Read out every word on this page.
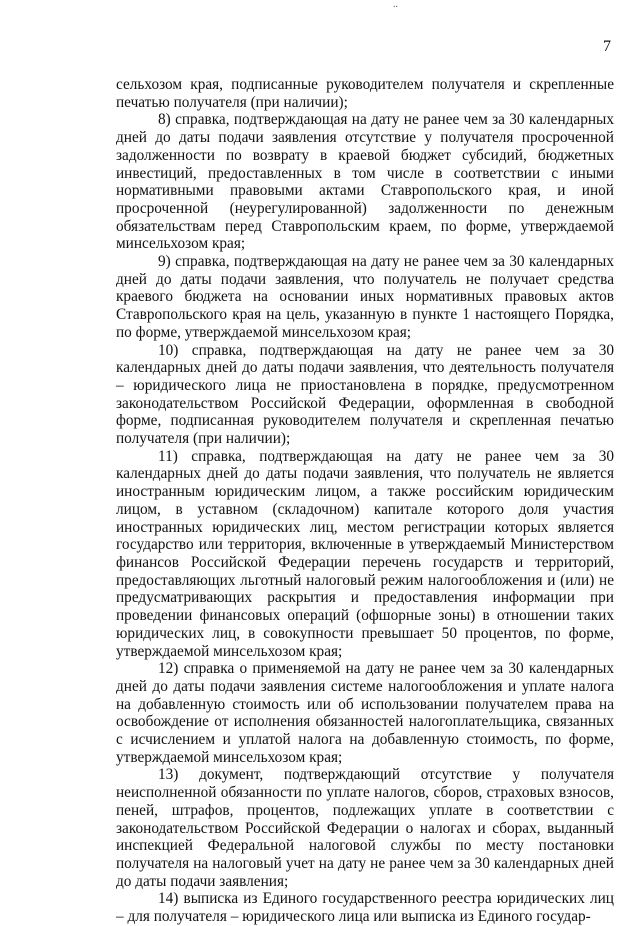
..
7

сельхозом края, подписанные руководителем получателя и скрепленные печатью получателя (при наличии);

8) справка, подтверждающая на дату не ранее чем за 30 календарных дней до даты подачи заявления отсутствие у получателя просроченной задолженности по возврату в краевой бюджет субсидий, бюджетных инвестиций, предоставленных в том числе в соответствии с иными нормативными правовыми актами Ставропольского края, и иной просроченной (неурегулированной) задолженности по денежным обязательствам перед Ставропольским краем, по форме, утверждаемой минсельхозом края;

9) справка, подтверждающая на дату не ранее чем за 30 календарных дней до даты подачи заявления, что получатель не получает средства краевого бюджета на основании иных нормативных правовых актов Ставропольского края на цель, указанную в пункте 1 настоящего Порядка, по форме, утверждаемой минсельхозом края;

10) справка, подтверждающая на дату не ранее чем за 30 календарных дней до даты подачи заявления, что деятельность получателя – юридического лица не приостановлена в порядке, предусмотренном законодательством Российской Федерации, оформленная в свободной форме, подписанная руководителем получателя и скрепленная печатью получателя (при наличии);

11) справка, подтверждающая на дату не ранее чем за 30 календарных дней до даты подачи заявления, что получатель не является иностранным юридическим лицом, а также российским юридическим лицом, в уставном (складочном) капитале которого доля участия иностранных юридических лиц, местом регистрации которых является государство или территория, включенные в утверждаемый Министерством финансов Российской Федерации перечень государств и территорий, предоставляющих льготный налоговый режим налогообложения и (или) не предусматривающих раскрытия и предоставления информации при проведении финансовых операций (офшорные зоны) в отношении таких юридических лиц, в совокупности превышает 50 процентов, по форме, утверждаемой минсельхозом края;

12) справка о применяемой на дату не ранее чем за 30 календарных дней до даты подачи заявления системе налогообложения и уплате налога на добавленную стоимость или об использовании получателем права на освобождение от исполнения обязанностей налогоплательщика, связанных с исчислением и уплатой налога на добавленную стоимость, по форме, утверждаемой минсельхозом края;

13) документ, подтверждающий отсутствие у получателя неисполненной обязанности по уплате налогов, сборов, страховых взносов, пеней, штрафов, процентов, подлежащих уплате в соответствии с законодательством Российской Федерации о налогах и сборах, выданный инспекцией Федеральной налоговой службы по месту постановки получателя на налоговый учет на дату не ранее чем за 30 календарных дней до даты подачи заявления;

14) выписка из Единого государственного реестра юридических лиц – для получателя – юридического лица или выписка из Единого государ-
